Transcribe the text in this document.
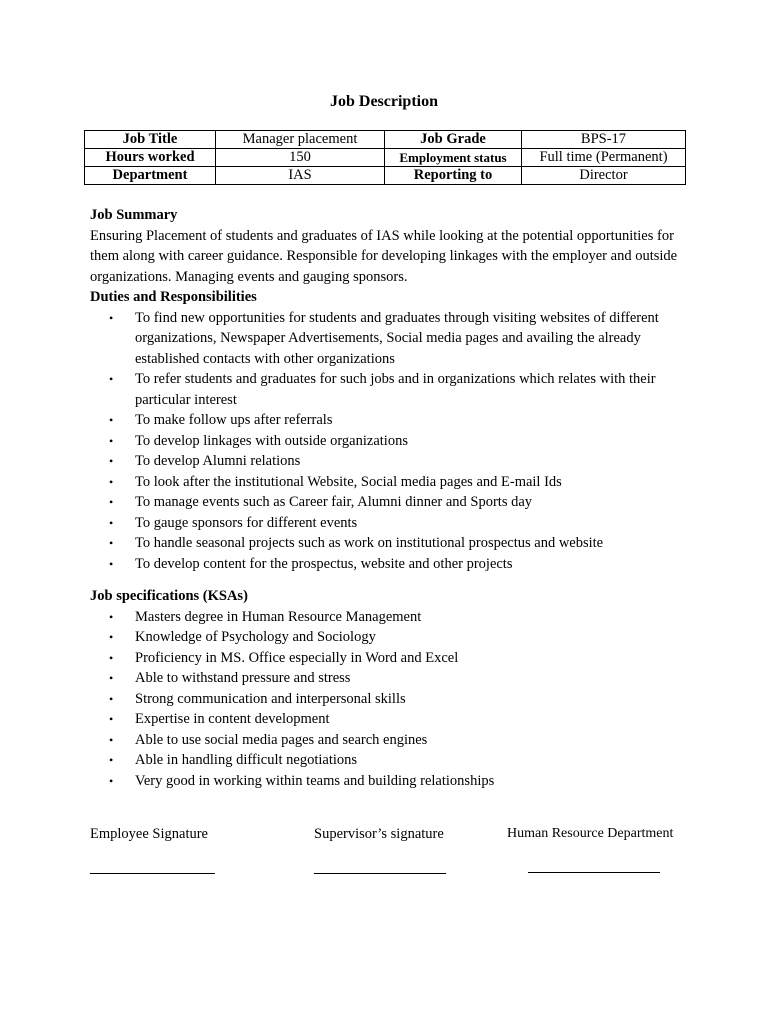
Job Description
Job Title	Manager placement	Job Grade	BPS-17
Hours worked	150	Employment status	Full time (Permanent)
Department	IAS	Reporting to	Director
Job Summary

Ensuring Placement of students and graduates of IAS while looking at the potential opportunities for them along with career guidance. Responsible for developing linkages with the employer and outside organizations. Managing events and gauging sponsors.

Duties and Responsibilities
• To find new opportunities for students and graduates through visiting websites of different organizations, Newspaper Advertisements, Social media pages and availing the already established contacts with other organizations
• To refer students and graduates for such jobs and in organizations which relates with their particular interest
• To make follow ups after referrals
• To develop linkages with outside organizations
• To develop Alumni relations
• To look after the institutional Website, Social media pages and E-mail Ids
• To manage events such as Career fair, Alumni dinner and Sports day
• To gauge sponsors for different events
• To handle seasonal projects such as work on institutional prospectus and website
• To develop content for the prospectus, website and other projects
Job specifications (KSAs)
• Masters degree in Human Resource Management
• Knowledge of Psychology and Sociology
• Proficiency in MS. Office especially in Word and Excel
• Able to withstand pressure and stress
• Strong communication and interpersonal skills
• Expertise in content development
• Able to use social media pages and search engines
• Able in handling difficult negotiations
• Very good in working within teams and building relationships
Employee Signature	Supervisor’s signature	Human Resource Department
